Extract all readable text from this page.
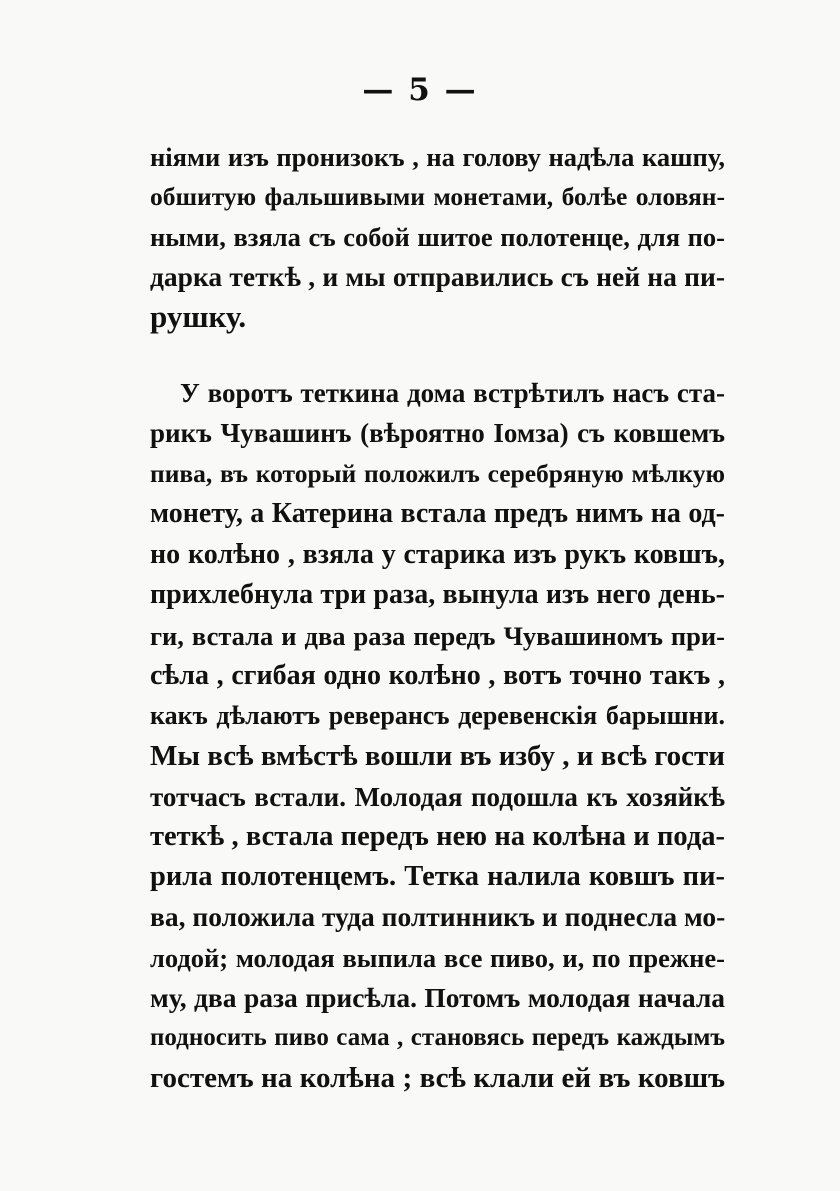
— 5 —
нiями изъ пронизокъ , на голову надѣла кашпу,
обшитую фальшивыми монетами, болѣе оловян-
ными, взяла съ собой шитое полотенце, для по-
дарка теткѣ , и мы отправились съ ней на пи-
рушку.
У воротъ теткина дома встрѣтилъ насъ ста-
рикъ Чувашинъ (вѣроятно Iомза) съ ковшемъ
пива, въ который положилъ серебряную мѣлкую
монету, а Катерина встала предъ нимъ на од-
но колѣно , взяла у старика изъ рукъ ковшъ,
прихлебнула три раза, вынула изъ него день-
ги, встала и два раза передъ Чувашиномъ при-
сѣла , сгибая одно колѣно , вотъ точно такъ ,
какъ дѣлаютъ реверансъ деревенскiя барышни.
Мы всѣ вмѣстѣ вошли въ избу , и всѣ гости
тотчасъ встали. Молодая подошла къ хозяйкѣ
теткѣ , встала передъ нею на колѣна и пода-
рила полотенцемъ. Тетка налила ковшъ пи-
ва, положила туда полтинникъ и поднесла мо-
лодой; молодая выпила все пиво, и, по прежне-
му, два раза присѣла. Потомъ молодая начала
подносить пиво сама , становясь передъ каждымъ
гостемъ на колѣна ; всѣ клали ей въ ковшъ
